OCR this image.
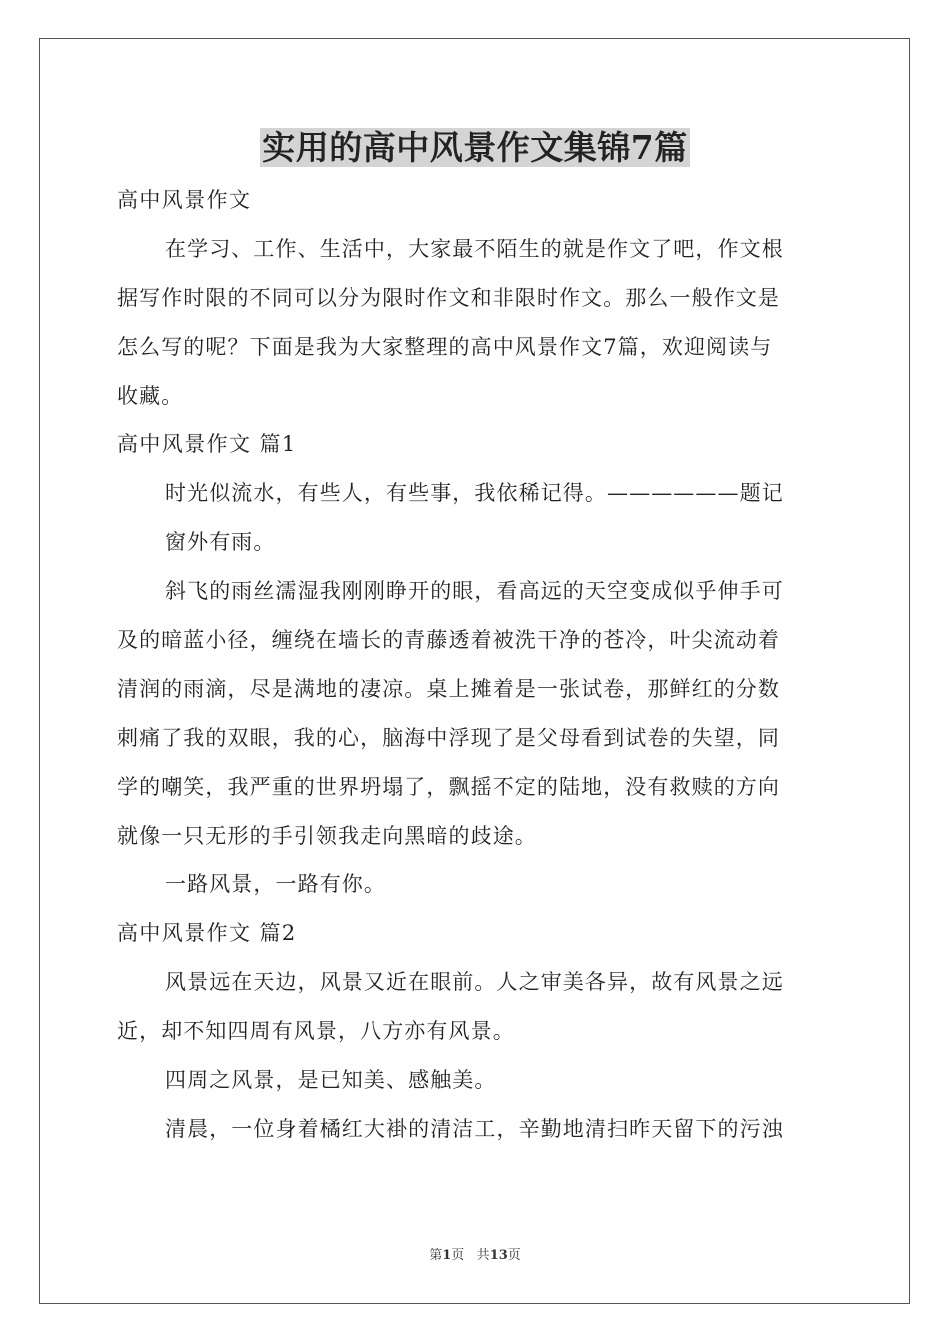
实用的高中风景作文集锦7篇
高中风景作文
在学习、工作、生活中，大家最不陌生的就是作文了吧，作文根
据写作时限的不同可以分为限时作文和非限时作文。那么一般作文是
怎么写的呢？下面是我为大家整理的高中风景作文7篇，欢迎阅读与
收藏。
高中风景作文 篇1
时光似流水，有些人，有些事，我依稀记得。——————题记
窗外有雨。
斜飞的雨丝濡湿我刚刚睁开的眼，看高远的天空变成似乎伸手可
及的暗蓝小径，缠绕在墙长的青藤透着被洗干净的苍冷，叶尖流动着
清润的雨滴，尽是满地的凄凉。桌上摊着是一张试卷，那鲜红的分数
刺痛了我的双眼，我的心，脑海中浮现了是父母看到试卷的失望，同
学的嘲笑，我严重的世界坍塌了，飘摇不定的陆地，没有救赎的方向
就像一只无形的手引领我走向黑暗的歧途。
一路风景，一路有你。
高中风景作文 篇2
风景远在天边，风景又近在眼前。人之审美各异，故有风景之远
近，却不知四周有风景，八方亦有风景。
四周之风景，是已知美、感触美。
清晨，一位身着橘红大褂的清洁工，辛勤地清扫昨天留下的污浊
第1页 共13页
